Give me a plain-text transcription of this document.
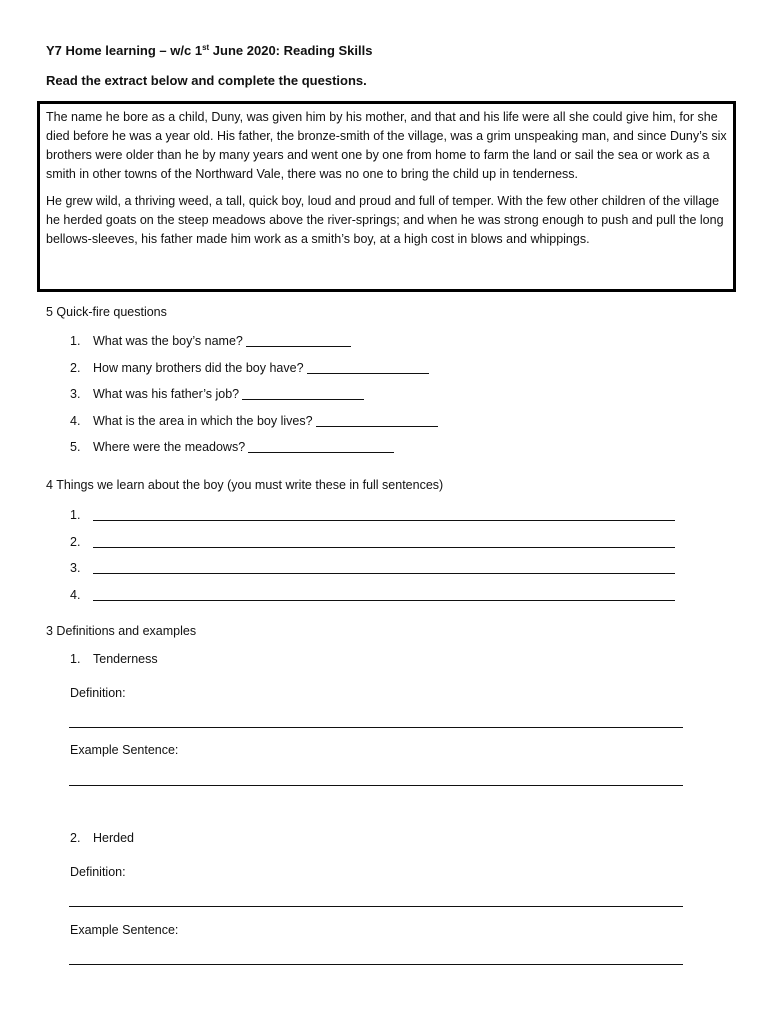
Y7 Home learning – w/c 1st June 2020: Reading Skills
Read the extract below and complete the questions.

The name he bore as a child, Duny, was given him by his mother, and that and his life were all she could give him, for she died before he was a year old. His father, the bronze-smith of the village, was a grim unspeaking man, and since Duny’s six brothers were older than he by many years and went one by one from home to farm the land or sail the sea or work as a smith in other towns of the Northward Vale, there was no one to bring the child up in tenderness.

He grew wild, a thriving weed, a tall, quick boy, loud and proud and full of temper. With the few other children of the village he herded goats on the steep meadows above the river-springs; and when he was strong enough to push and pull the long bellows-sleeves, his father made him work as a smith’s boy, at a high cost in blows and whippings.

5 Quick-fire questions
1.	What was the boy’s name?
2.	How many brothers did the boy have?
3.	What was his father’s job?
4.	What is the area in which the boy lives?
5.	Where were the meadows?
4 Things we learn about the boy (you must write these in full sentences)
1.
2.
3.
4.
3 Definitions and examples
1. Tenderness
Definition:
Example Sentence:
2. Herded
Definition:
Example Sentence:
